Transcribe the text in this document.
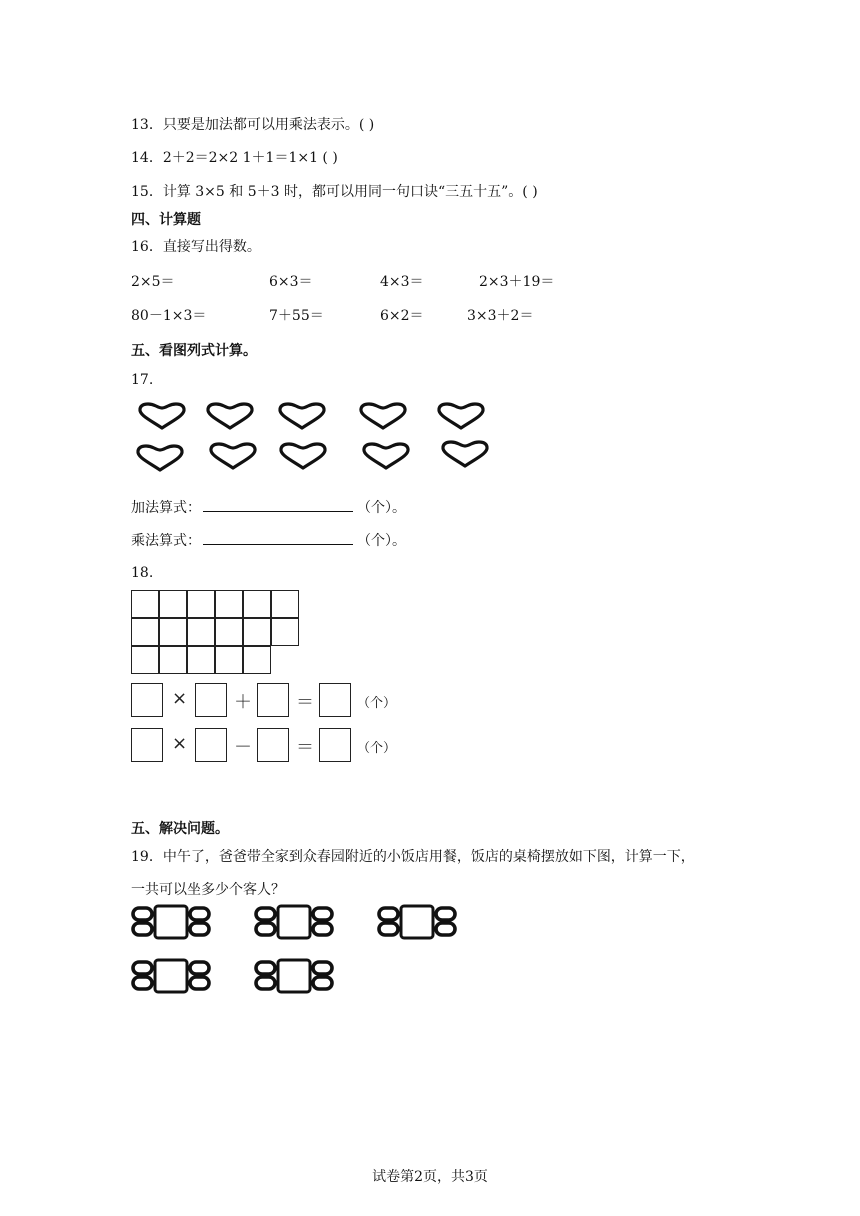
13．只要是加法都可以用乘法表示。( )
14．2＋2＝2×2 1＋1＝1×1 ( )
15．计算 3×5 和 5＋3 时，都可以用同一句口诀“三五十五”。( )
四、计算题
16．直接写出得数。
2×5＝	6×3＝	4×3＝	2×3＋19＝
80－1×3＝	7＋55＝	6×2＝	3×3＋2＝
五、看图列式计算。
17.
加法算式：	（个）。
乘法算式：	（个）。
18.
×	＋ ＝	（个）
×	－ ＝	（个）
五、解决问题。
19．中午了，爸爸带全家到众春园附近的小饭店用餐，饭店的桌椅摆放如下图，计算一下，
一共可以坐多少个客人？
试卷第2页，共3页
